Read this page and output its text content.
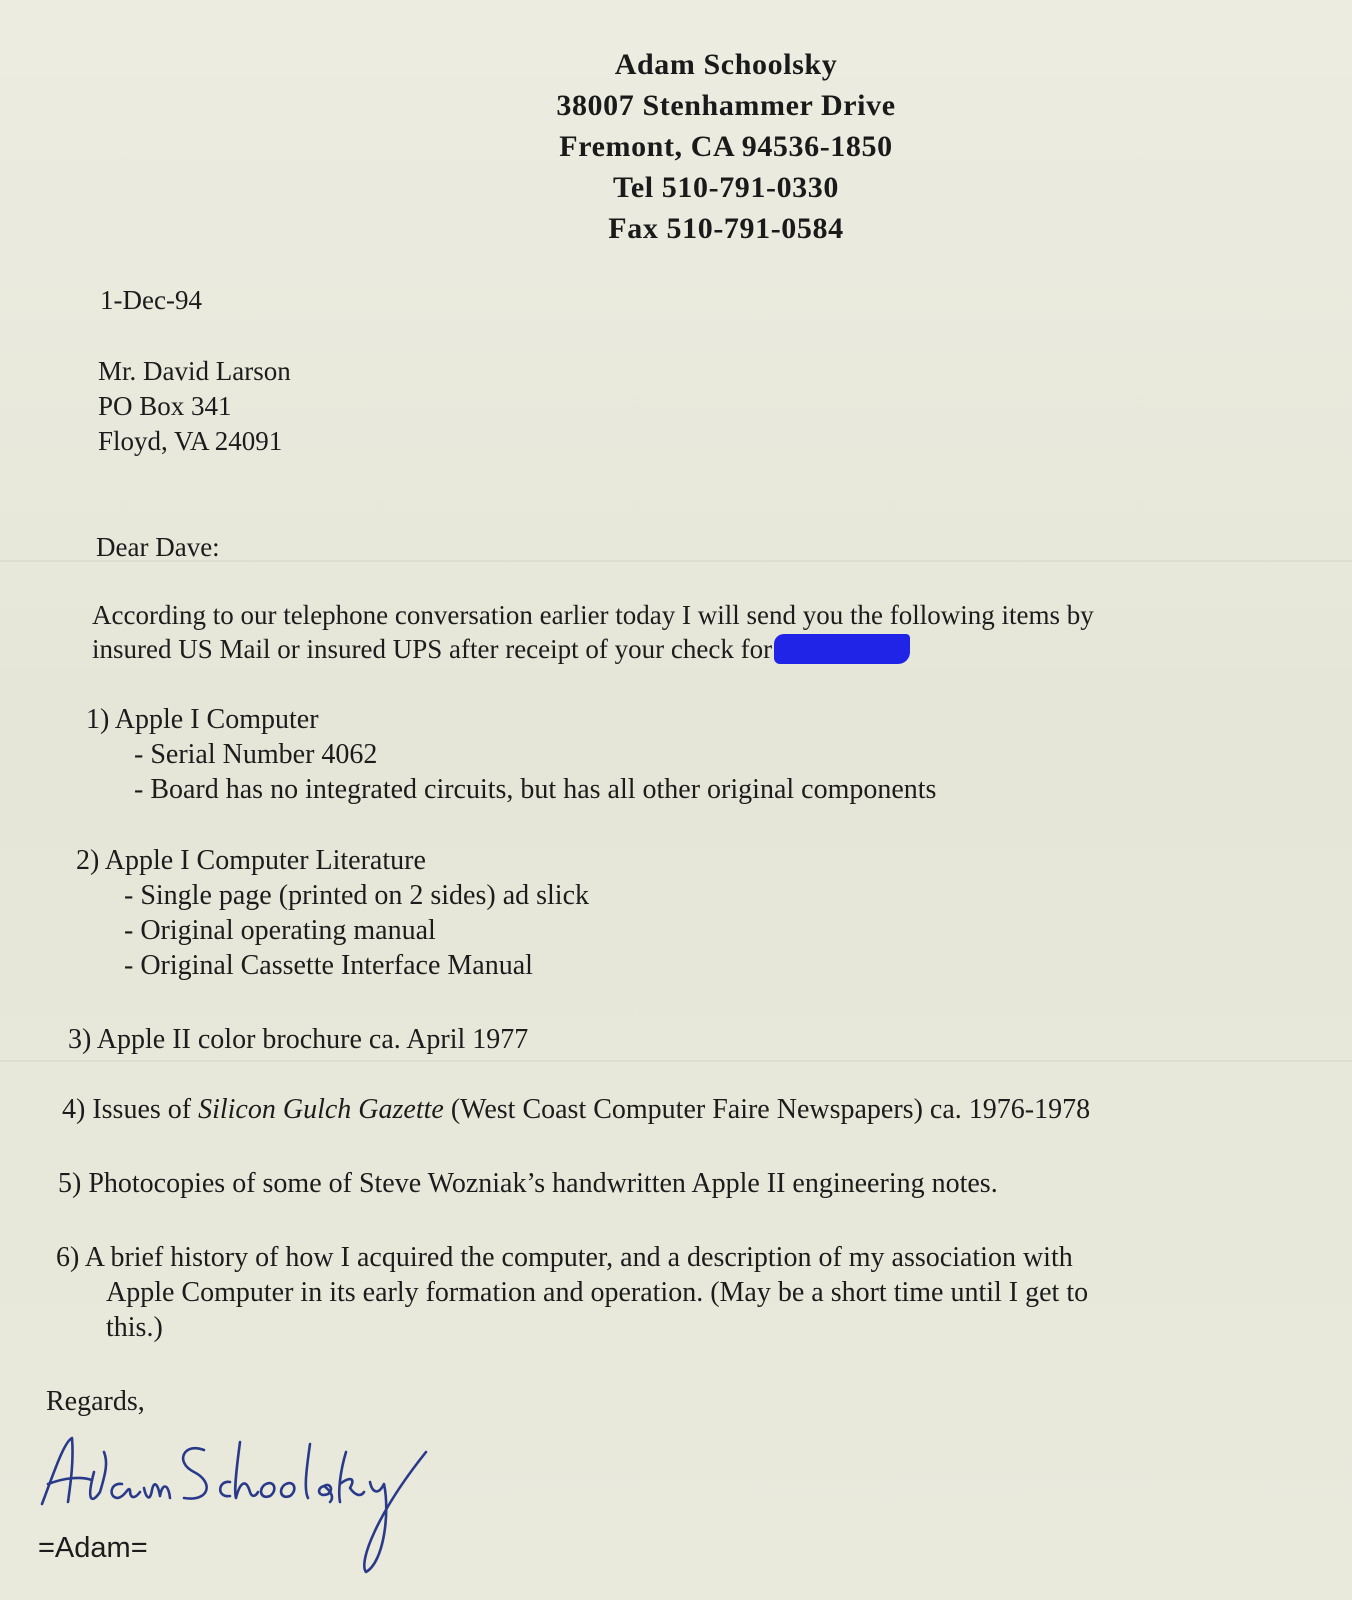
Adam Schoolsky
38007 Stenhammer Drive
Fremont, CA 94536-1850
Tel 510-791-0330
Fax 510-791-0584
1-Dec-94
Mr. David Larson
PO Box 341
Floyd, VA 24091
Dear Dave:
According to our telephone conversation earlier today I will send you the following items by
insured US Mail or insured UPS after receipt of your check for
1) Apple I Computer
- Serial Number 4062
- Board has no integrated circuits, but has all other original components
2) Apple I Computer Literature
- Single page (printed on 2 sides) ad slick
- Original operating manual
- Original Cassette Interface Manual
3) Apple II color brochure ca. April 1977
4) Issues of Silicon Gulch Gazette (West Coast Computer Faire Newspapers) ca. 1976-1978
5) Photocopies of some of Steve Wozniak’s handwritten Apple II engineering notes.
6) A brief history of how I acquired the computer, and a description of my association with
Apple Computer in its early formation and operation. (May be a short time until I get to
this.)
Regards,
=Adam=
